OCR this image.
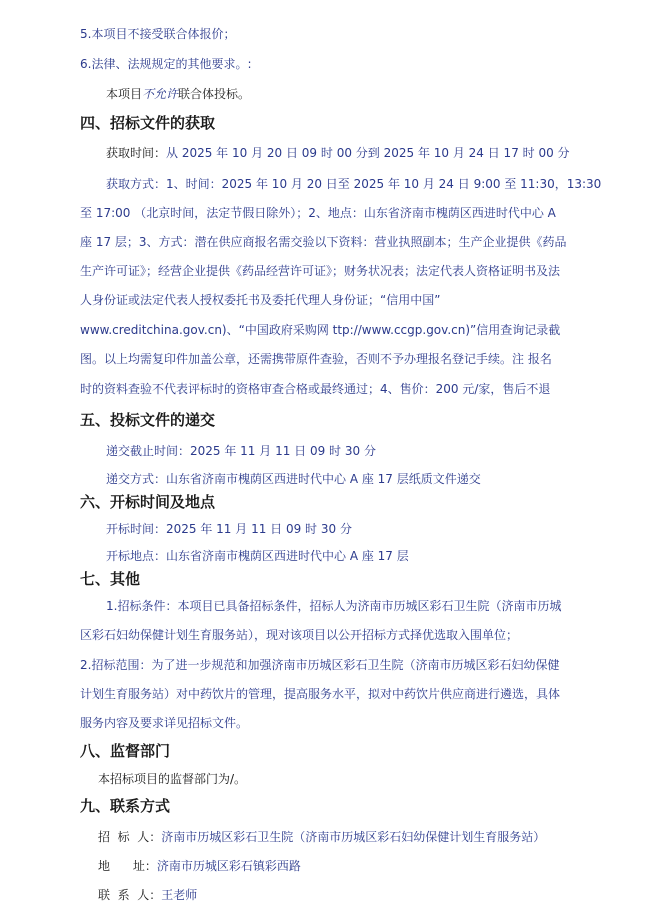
5.本项目不接受联合体报价；
6.法律、法规规定的其他要求。:
本项目不允许联合体投标。
四、招标文件的获取
获取时间：从 2025 年 10 月 20 日 09 时 00 分到 2025 年 10 月 24 日 17 时 00 分
获取方式：1、时间：2025 年 10 月 20 日至 2025 年 10 月 24 日 9:00 至 11:30，13:30
至 17:00 （北京时间，法定节假日除外）；2、地点：山东省济南市槐荫区西进时代中心 A
座 17 层；3、方式：潜在供应商报名需交验以下资料：营业执照副本；生产企业提供《药品
生产许可证》；经营企业提供《药品经营许可证》；财务状况表；法定代表人资格证明书及法
人身份证或法定代表人授权委托书及委托代理人身份证；“信用中国”
www.creditchina.gov.cn)、“中国政府采购网 ttp://www.ccgp.gov.cn)”信用查询记录截
图。以上均需复印件加盖公章，还需携带原件查验，否则不予办理报名登记手续。注 报名
时的资料查验不代表评标时的资格审查合格或最终通过；4、售价：200 元/家，售后不退
五、投标文件的递交
递交截止时间：2025 年 11 月 11 日 09 时 30 分
递交方式：山东省济南市槐荫区西进时代中心 A 座 17 层纸质文件递交
六、开标时间及地点
开标时间：2025 年 11 月 11 日 09 时 30 分
开标地点：山东省济南市槐荫区西进时代中心 A 座 17 层
七、其他
1.招标条件：本项目已具备招标条件，招标人为济南市历城区彩石卫生院（济南市历城
区彩石妇幼保健计划生育服务站），现对该项目以公开招标方式择优选取入围单位；
2.招标范围：为了进一步规范和加强济南市历城区彩石卫生院（济南市历城区彩石妇幼保健
计划生育服务站）对中药饮片的管理，提高服务水平，拟对中药饮片供应商进行遴选，具体
服务内容及要求详见招标文件。
八、监督部门
本招标项目的监督部门为/。
九、联系方式
招  标  人：济南市历城区彩石卫生院（济南市历城区彩石妇幼保健计划生育服务站）
地      址：济南市历城区彩石镇彩西路
联  系  人：王老师
